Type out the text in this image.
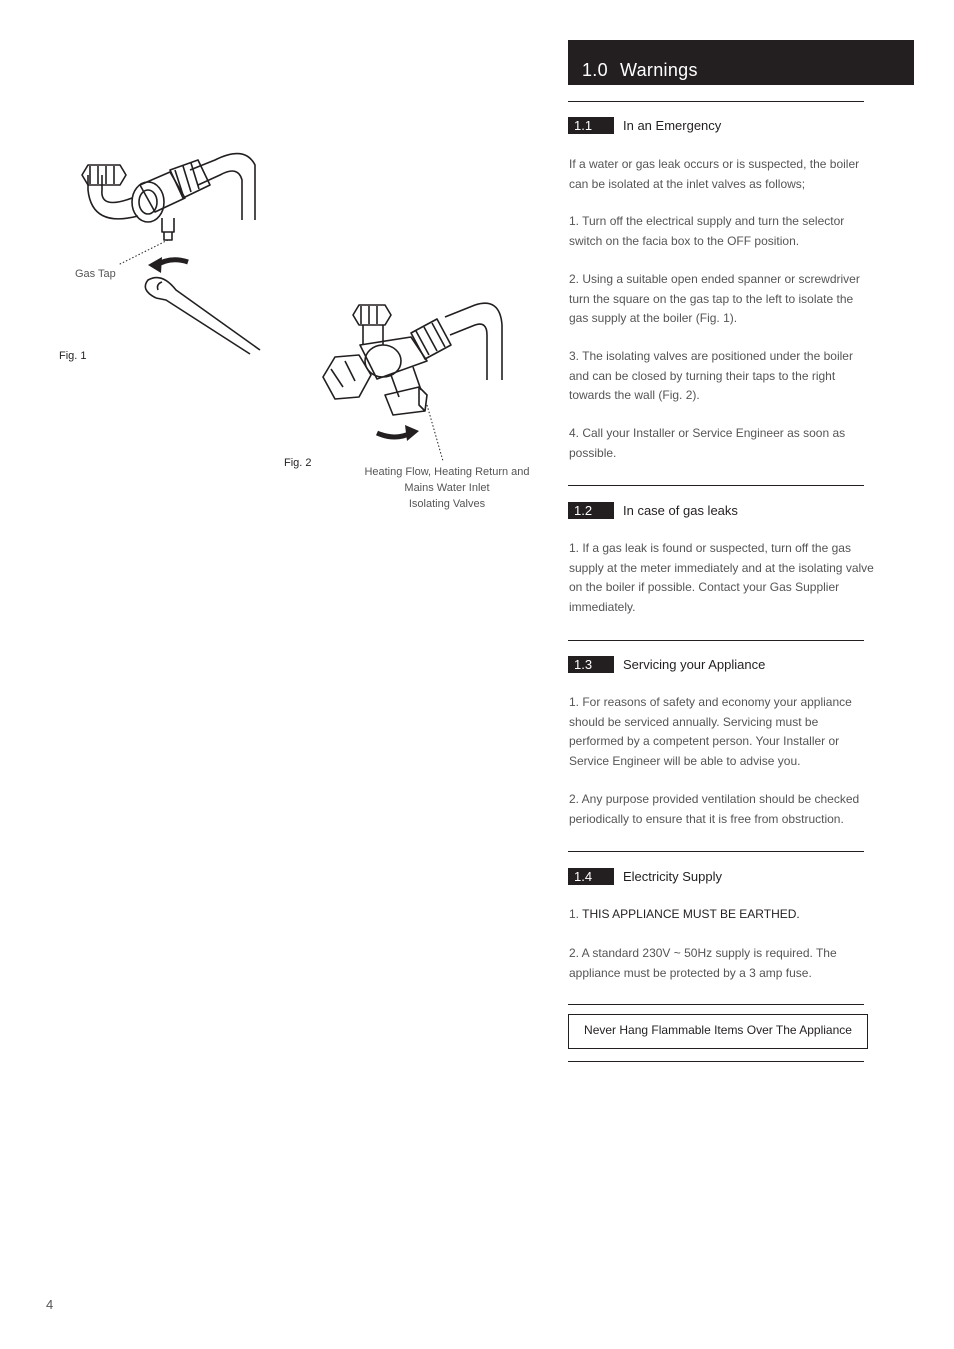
Gas Tap
Fig. 1
Fig. 2
Heating Flow, Heating Return and
Mains Water Inlet
Isolating Valves
1.0 Warnings
1.1	In an Emergency
If a water or gas leak occurs or is suspected, the boiler can be isolated at the inlet valves as follows;
1. Turn off the electrical supply and turn the selector switch on the facia box to the OFF position.
2. Using a suitable open ended spanner or screwdriver turn the square on the gas tap to the left to isolate the gas supply at the boiler (Fig. 1).
3. The isolating valves are positioned under the boiler and can be closed by turning their taps to the right towards the wall (Fig. 2).
4. Call your Installer or Service Engineer as soon as possible.
1.2	In case of gas leaks
1. If a gas leak is found or suspected, turn off the gas supply at the meter immediately and at the isolating valve on the boiler if possible. Contact your Gas Supplier immediately.
1.3	Servicing your Appliance
1. For reasons of safety and economy your appliance should be serviced annually. Servicing must be performed by a competent person. Your Installer or Service Engineer will be able to advise you.
2. Any purpose provided ventilation should be checked periodically to ensure that it is free from obstruction.
1.4	Electricity Supply
1. THIS APPLIANCE MUST BE EARTHED.
2. A standard 230V ~ 50Hz supply is required. The appliance must be protected by a 3 amp fuse.
Never Hang Flammable Items Over The Appliance
4
